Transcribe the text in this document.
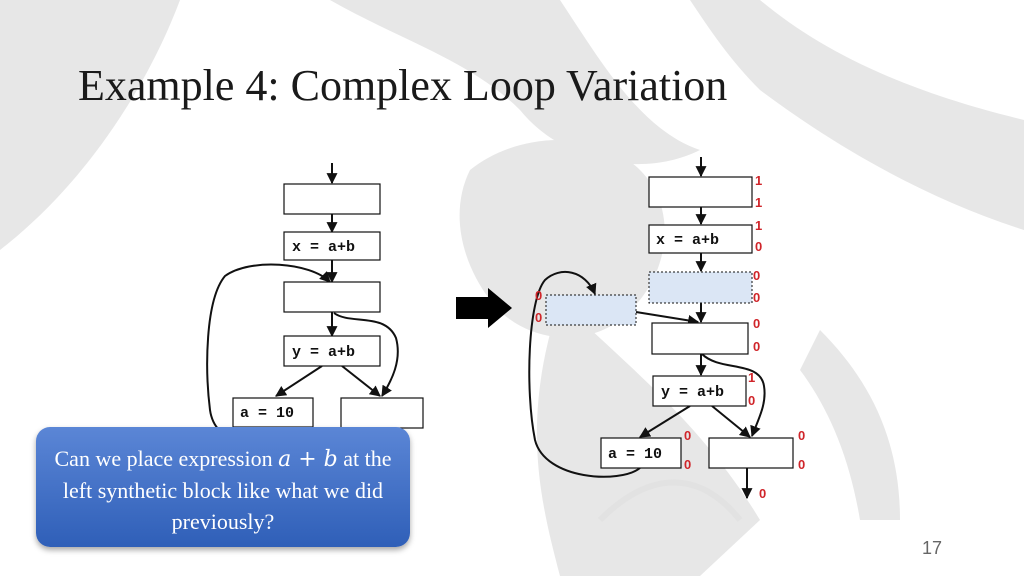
Example 4: Complex Loop Variation
x = a+b
y = a+b
a = 10
x = a+b
y = a+b
a = 10
1
1
1
0
0
0
0
0	0
0
1
0
0
0
0
0
0
Can we place expression a + b at the left synthetic block like what we did previously?
17
